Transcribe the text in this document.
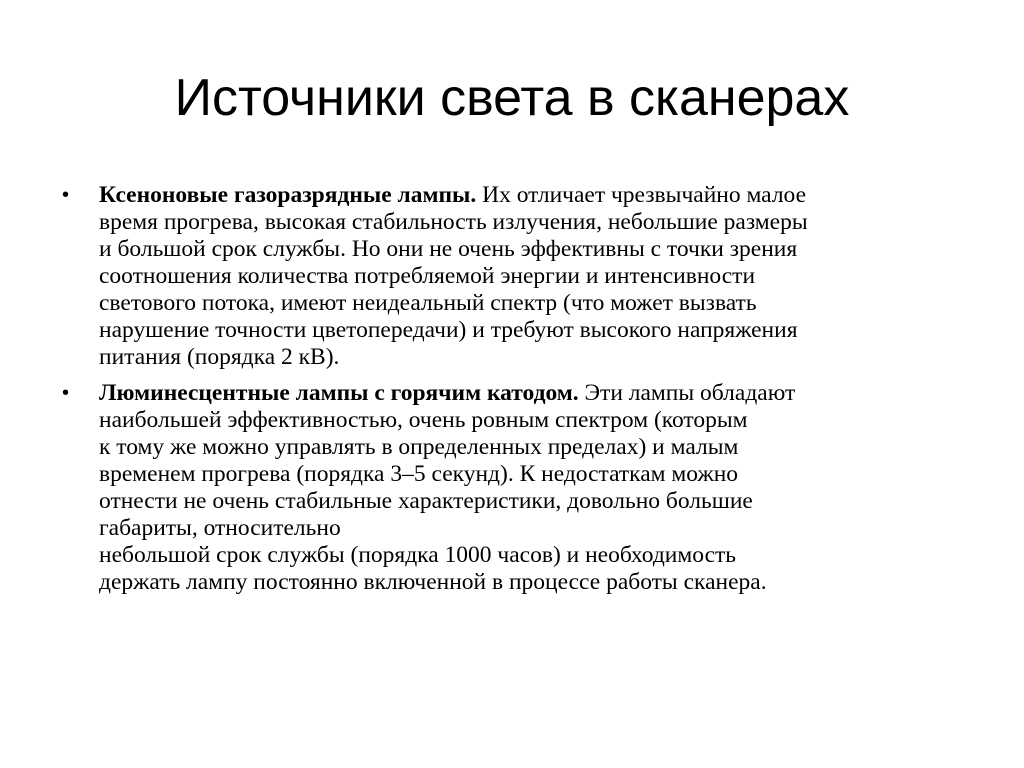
Источники света в сканерах
•	Ксеноновые газоразрядные лампы. Их отличает чрезвычайно малое
время прогрева, высокая стабильность излучения, небольшие размеры
и большой срок службы. Но они не очень эффективны с точки зрения
соотношения количества потребляемой энергии и интенсивности
светового потока, имеют неидеальный спектр (что может вызвать
нарушение точности цветопередачи) и требуют высокого напряжения
питания (порядка 2 кВ).
•	Люминесцентные лампы с горячим катодом. Эти лампы обладают
наибольшей эффективностью, очень ровным спектром (которым
к тому же можно управлять в определенных пределах) и малым
временем прогрева (порядка 3–5 секунд). К недостаткам можно
отнести не очень стабильные характеристики, довольно большие
габариты, относительно
небольшой срок службы (порядка 1000 часов) и необходимость
держать лампу постоянно включенной в процессе работы сканера.
